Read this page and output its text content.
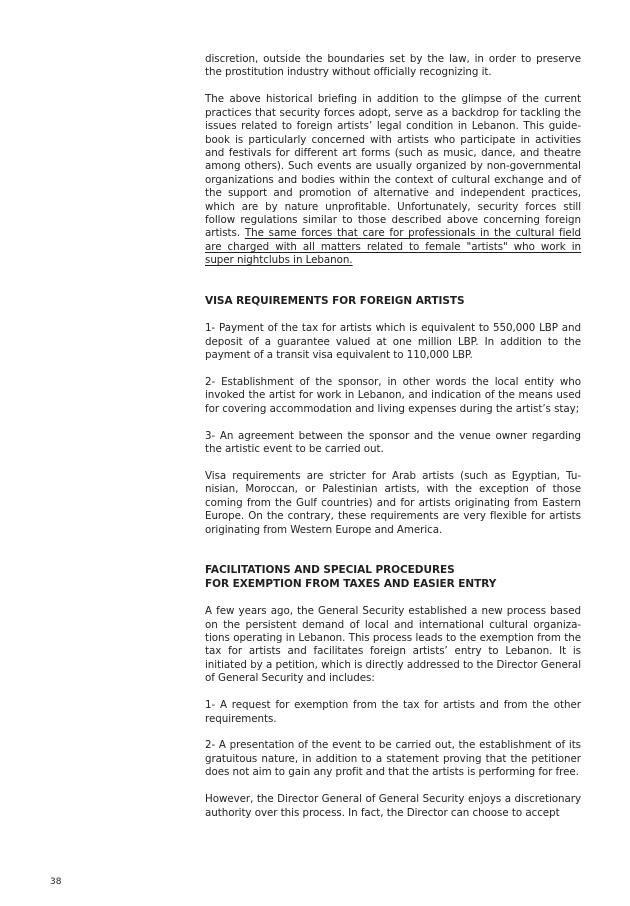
discretion, outside the boundaries set by the law, in order to preserve the prostitution industry without officially recognizing it.

The above historical briefing in addition to the glimpse of the current practices that security forces adopt, serve as a backdrop for tackling the issues related to foreign artists’ legal condition in Lebanon. This guide-book is particularly concerned with artists who participate in activities and festivals for different art forms (such as music, dance, and theatre among others). Such events are usually organized by non-governmental organizations and bodies within the context of cultural exchange and of the support and promotion of alternative and independent practices, which are by nature unprofitable. Unfortunately, security forces still follow regulations similar to those described above concerning foreign artists. The same forces that care for professionals in the cultural field are charged with all matters related to female "artists" who work in super nightclubs in Lebanon.

VISA REQUIREMENTS FOR FOREIGN ARTISTS

1- Payment of the tax for artists which is equivalent to 550,000 LBP and deposit of a guarantee valued at one million LBP. In addition to the payment of a transit visa equivalent to 110,000 LBP.

2- Establishment of the sponsor, in other words the local entity who invoked the artist for work in Lebanon, and indication of the means used for covering accommodation and living expenses during the artist’s stay;

3- An agreement between the sponsor and the venue owner regarding the artistic event to be carried out.

Visa requirements are stricter for Arab artists (such as Egyptian, Tu-nisian, Moroccan, or Palestinian artists, with the exception of those coming from the Gulf countries) and for artists originating from Eastern Europe. On the contrary, these requirements are very flexible for artists originating from Western Europe and America.

FACILITATIONS AND SPECIAL PROCEDURES
FOR EXEMPTION FROM TAXES AND EASIER ENTRY

A few years ago, the General Security established a new process based on the persistent demand of local and international cultural organiza-tions operating in Lebanon. This process leads to the exemption from the tax for artists and facilitates foreign artists’ entry to Lebanon. It is initiated by a petition, which is directly addressed to the Director General of General Security and includes:

1- A request for exemption from the tax for artists and from the other requirements.

2- A presentation of the event to be carried out, the establishment of its gratuitous nature, in addition to a statement proving that the petitioner does not aim to gain any profit and that the artists is performing for free.

However, the Director General of General Security enjoys a discretionary authority over this process. In fact, the Director can choose to accept

38
